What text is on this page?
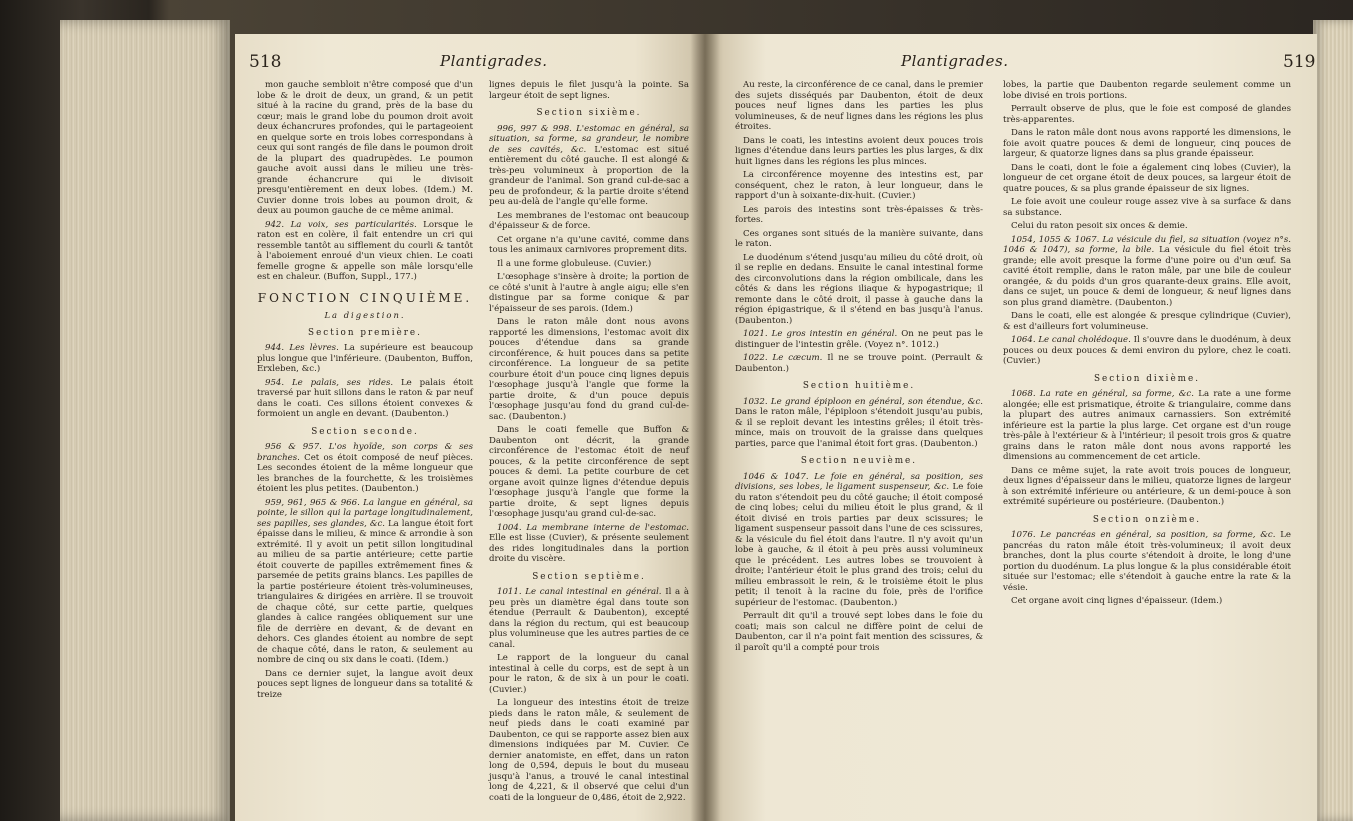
518	Plantigrades.

mon gauche sembloit n'être composé que d'un lobe & le droit de deux, un grand, & un petit situé à la racine du grand, près de la base du cœur; mais le grand lobe du poumon droit avoit deux échancrures profondes, qui le partageoient en quelque sorte en trois lobes correspondans à ceux qui sont rangés de file dans le poumon droit de la plupart des quadrupèdes. Le poumon gauche avoit aussi dans le milieu une très-grande échancrure qui le divisoit presqu'entièrement en deux lobes. (Idem.) M. Cuvier donne trois lobes au poumon droit, & deux au poumon gauche de ce même animal.

942. La voix, ses particularités. Lorsque le raton est en colère, il fait entendre un cri qui ressemble tantôt au sifflement du courli & tantôt à l'aboiement enroué d'un vieux chien. Le coati femelle grogne & appelle son mâle lorsqu'elle est en chaleur. (Buffon, Suppl., 177.)

FONCTION CINQUIÈME.
La digestion.
Section première.

944. Les lèvres. La supérieure est beaucoup plus longue que l'inférieure. (Daubenton, Buffon, Erxleben, &c.)

954. Le palais, ses rides. Le palais étoit traversé par huit sillons dans le raton & par neuf dans le coati. Ces sillons étoient convexes & formoient un angle en devant. (Daubenton.)

Section seconde.

956 & 957. L'os hyoïde, son corps & ses branches. Cet os étoit composé de neuf pièces. Les secondes étoient de la même longueur que les branches de la fourchette, & les troisièmes étoient les plus petites. (Daubenton.)

959, 961, 965 & 966. La langue en général, sa pointe, le sillon qui la partage longitudinalement, ses papilles, ses glandes, &c. La langue étoit fort épaisse dans le milieu, & mince & arrondie à son extrémité. Il y avoit un petit sillon longitudinal au milieu de sa partie antérieure; cette partie étoit couverte de papilles extrêmement fines & parsemée de petits grains blancs. Les papilles de la partie postérieure étoient très-volumineuses, triangulaires & dirigées en arrière. Il se trouvoit de chaque côté, sur cette partie, quelques glandes à calice rangées obliquement sur une file de derrière en devant, & de devant en dehors. Ces glandes étoient au nombre de sept de chaque côté, dans le raton, & seulement au nombre de cinq ou six dans le coati. (Idem.)

Dans ce dernier sujet, la langue avoit deux pouces sept lignes de longueur dans sa totalité & treize

lignes depuis le filet jusqu'à la pointe. Sa largeur étoit de sept lignes.

Section sixième.

996, 997 & 998. L'estomac en général, sa situation, sa forme, sa grandeur, le nombre de ses cavités, &c. L'estomac est situé entièrement du côté gauche. Il est alongé & très-peu volumineux à proportion de la grandeur de l'animal. Son grand cul-de-sac a peu de profondeur, & la partie droite s'étend peu au-delà de l'angle qu'elle forme.

Les membranes de l'estomac ont beaucoup d'épaisseur & de force.

Cet organe n'a qu'une cavité, comme dans tous les animaux carnivores proprement dits.

Il a une forme globuleuse. (Cuvier.)

L'œsophage s'insère à droite; la portion de ce côté s'unit à l'autre à angle aigu; elle s'en distingue par sa forme conique & par l'épaisseur de ses parois. (Idem.)

Dans le raton mâle dont nous avons rapporté les dimensions, l'estomac avoit dix pouces d'étendue dans sa grande circonférence, & huit pouces dans sa petite circonférence. La longueur de sa petite courbure étoit d'un pouce cinq lignes depuis l'œsophage jusqu'à l'angle que forme la partie droite, & d'un pouce depuis l'œsophage jusqu'au fond du grand cul-de-sac. (Daubenton.)

Dans le coati femelle que Buffon & Daubenton ont décrit, la grande circonférence de l'estomac étoit de neuf pouces, & la petite circonférence de sept pouces & demi. La petite courbure de cet organe avoit quinze lignes d'étendue depuis l'œsophage jusqu'à l'angle que forme la partie droite, & sept lignes depuis l'œsophage jusqu'au grand cul-de-sac.

1004. La membrane interne de l'estomac. Elle est lisse (Cuvier), & présente seulement des rides longitudinales dans la portion droite du viscère.

Section septième.

1011. Le canal intestinal en général. Il a à peu près un diamètre égal dans toute son étendue (Perrault & Daubenton), excepté dans la région du rectum, qui est beaucoup plus volumineuse que les autres parties de ce canal.

Le rapport de la longueur du canal intestinal à celle du corps, est de sept à un pour le raton, & de six à un pour le coati. (Cuvier.)

La longueur des intestins étoit de treize pieds dans le raton mâle, & seulement de neuf pieds dans le coati examiné par Daubenton, ce qui se rapporte assez bien aux dimensions indiquées par M. Cuvier. Ce dernier anatomiste, en effet, dans un raton long de 0,594, depuis le bout du museau jusqu'à l'anus, a trouvé le canal intestinal long de 4,221, & il observé que celui d'un coati de la longueur de 0,486, étoit de 2,922.

Plantigrades.	519

Au reste, la circonférence de ce canal, dans le premier des sujets disséqués par Daubenton, étoit de deux pouces neuf lignes dans les parties les plus volumineuses, & de neuf lignes dans les régions les plus étroites.

Dans le coati, les intestins avoient deux pouces trois lignes d'étendue dans leurs parties les plus larges, & dix huit lignes dans les régions les plus minces.

La circonférence moyenne des intestins est, par conséquent, chez le raton, à leur longueur, dans le rapport d'un à soixante-dix-huit. (Cuvier.)

Les parois des intestins sont très-épaisses & très-fortes.

Ces organes sont situés de la manière suivante, dans le raton.

Le duodénum s'étend jusqu'au milieu du côté droit, où il se replie en dedans. Ensuite le canal intestinal forme des circonvolutions dans la région ombilicale, dans les côtés & dans les régions iliaque & hypogastrique; il remonte dans le côté droit, il passe à gauche dans la région épigastrique, & il s'étend en bas jusqu'à l'anus. (Daubenton.)

1021. Le gros intestin en général. On ne peut pas le distinguer de l'intestin grêle. (Voyez n°. 1012.)

1022. Le cæcum. Il ne se trouve point. (Perrault & Daubenton.)

Section huitième.

1032. Le grand épiploon en général, son étendue, &c. Dans le raton mâle, l'épiploon s'étendoit jusqu'au pubis, & il se reploit devant les intestins grêles; il étoit très-mince, mais on trouvoit de la graisse dans quelques parties, parce que l'animal étoit fort gras. (Daubenton.)

Section neuvième.

1046 & 1047. Le foie en général, sa position, ses divisions, ses lobes, le ligament suspenseur, &c. Le foie du raton s'étendoit peu du côté gauche; il étoit composé de cinq lobes; celui du milieu étoit le plus grand, & il étoit divisé en trois parties par deux scissures; le ligament suspenseur passoit dans l'une de ces scissures, & la vésicule du fiel étoit dans l'autre. Il n'y avoit qu'un lobe à gauche, & il étoit à peu près aussi volumineux que le précédent. Les autres lobes se trouvoient à droite; l'antérieur étoit le plus grand des trois; celui du milieu embrassoit le rein, & le troisième étoit le plus petit; il tenoit à la racine du foie, près de l'orifice supérieur de l'estomac. (Daubenton.)

Perrault dit qu'il a trouvé sept lobes dans le foie du coati; mais son calcul ne diffère point de celui de Daubenton, car il n'a point fait mention des scissures, & il paroît qu'il a compté pour trois

lobes, la partie que Daubenton regarde seulement comme un lobe divisé en trois portions.

Perrault observe de plus, que le foie est composé de glandes très-apparentes.

Dans le raton mâle dont nous avons rapporté les dimensions, le foie avoit quatre pouces & demi de longueur, cinq pouces de largeur, & quatorze lignes dans sa plus grande épaisseur.

Dans le coati, dont le foie a également cinq lobes (Cuvier), la longueur de cet organe étoit de deux pouces, sa largeur étoit de quatre pouces, & sa plus grande épaisseur de six lignes.

Le foie avoit une couleur rouge assez vive à sa surface & dans sa substance.

Celui du raton pesoit six onces & demie.

1054, 1055 & 1067. La vésicule du fiel, sa situation (voyez n°s. 1046 & 1047), sa forme, la bile. La vésicule du fiel étoit très grande; elle avoit presque la forme d'une poire ou d'un œuf. Sa cavité étoit remplie, dans le raton mâle, par une bile de couleur orangée, & du poids d'un gros quarante-deux grains. Elle avoit, dans ce sujet, un pouce & demi de longueur, & neuf lignes dans son plus grand diamètre. (Daubenton.)

Dans le coati, elle est alongée & presque cylindrique (Cuvier), & est d'ailleurs fort volumineuse.

1064. Le canal cholédoque. Il s'ouvre dans le duodénum, à deux pouces ou deux pouces & demi environ du pylore, chez le coati. (Cuvier.)

Section dixième.

1068. La rate en général, sa forme, &c. La rate a une forme alongée; elle est prismatique, étroite & triangulaire, comme dans la plupart des autres animaux carnassiers. Son extrémité inférieure est la partie la plus large. Cet organe est d'un rouge très-pâle à l'extérieur & à l'intérieur; il pesoit trois gros & quatre grains dans le raton mâle dont nous avons rapporté les dimensions au commencement de cet article.

Dans ce même sujet, la rate avoit trois pouces de longueur, deux lignes d'épaisseur dans le milieu, quatorze lignes de largeur à son extrémité inférieure ou antérieure, & un demi-pouce à son extrémité supérieure ou postérieure. (Daubenton.)

Section onzième.

1076. Le pancréas en général, sa position, sa forme, &c. Le pancréas du raton mâle étoit très-volumineux; il avoit deux branches, dont la plus courte s'étendoit à droite, le long d'une portion du duodénum. La plus longue & la plus considérable étoit située sur l'estomac; elle s'étendoit à gauche entre la rate & la vésie.

Cet organe avoit cinq lignes d'épaisseur. (Idem.)
